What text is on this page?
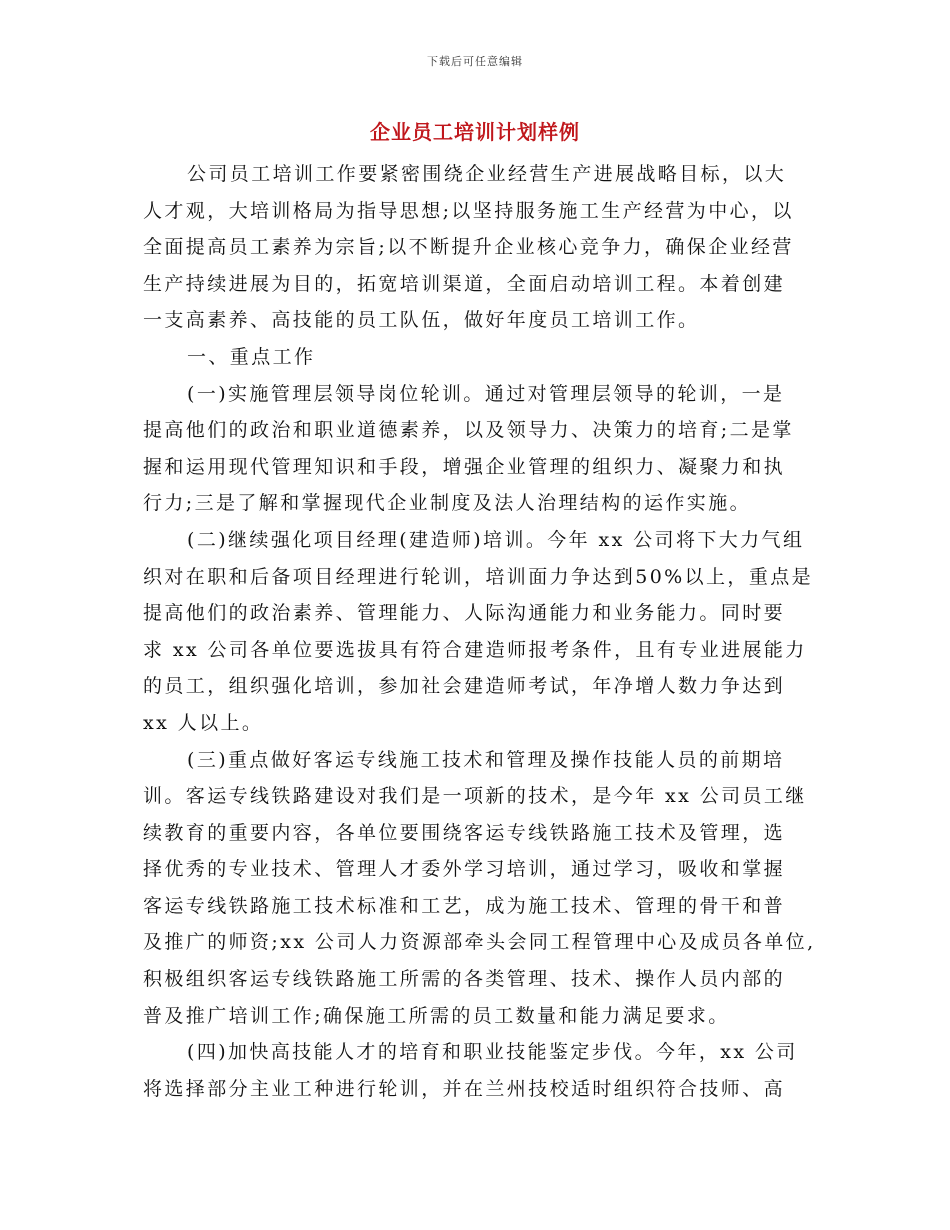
下载后可任意编辑
企业员工培训计划样例
公司员工培训工作要紧密围绕企业经营生产进展战略目标，以大
人才观，大培训格局为指导思想;以坚持服务施工生产经营为中心，以
全面提高员工素养为宗旨;以不断提升企业核心竞争力，确保企业经营
生产持续进展为目的，拓宽培训渠道，全面启动培训工程。本着创建
一支高素养、高技能的员工队伍，做好年度员工培训工作。
一、重点工作
(一)实施管理层领导岗位轮训。通过对管理层领导的轮训，一是
提高他们的政治和职业道德素养，以及领导力、决策力的培育;二是掌
握和运用现代管理知识和手段，增强企业管理的组织力、凝聚力和执
行力;三是了解和掌握现代企业制度及法人治理结构的运作实施。
(二)继续强化项目经理(建造师)培训。今年 xx 公司将下大力气组
织对在职和后备项目经理进行轮训，培训面力争达到50%以上，重点是
提高他们的政治素养、管理能力、人际沟通能力和业务能力。同时要
求 xx 公司各单位要选拔具有符合建造师报考条件，且有专业进展能力
的员工，组织强化培训，参加社会建造师考试，年净增人数力争达到
xx 人以上。
(三)重点做好客运专线施工技术和管理及操作技能人员的前期培
训。客运专线铁路建设对我们是一项新的技术，是今年 xx 公司员工继
续教育的重要内容，各单位要围绕客运专线铁路施工技术及管理，选
择优秀的专业技术、管理人才委外学习培训，通过学习，吸收和掌握
客运专线铁路施工技术标准和工艺，成为施工技术、管理的骨干和普
及推广的师资;xx 公司人力资源部牵头会同工程管理中心及成员各单位,
积极组织客运专线铁路施工所需的各类管理、技术、操作人员内部的
普及推广培训工作;确保施工所需的员工数量和能力满足要求。
(四)加快高技能人才的培育和职业技能鉴定步伐。今年，xx 公司
将选择部分主业工种进行轮训，并在兰州技校适时组织符合技师、高
